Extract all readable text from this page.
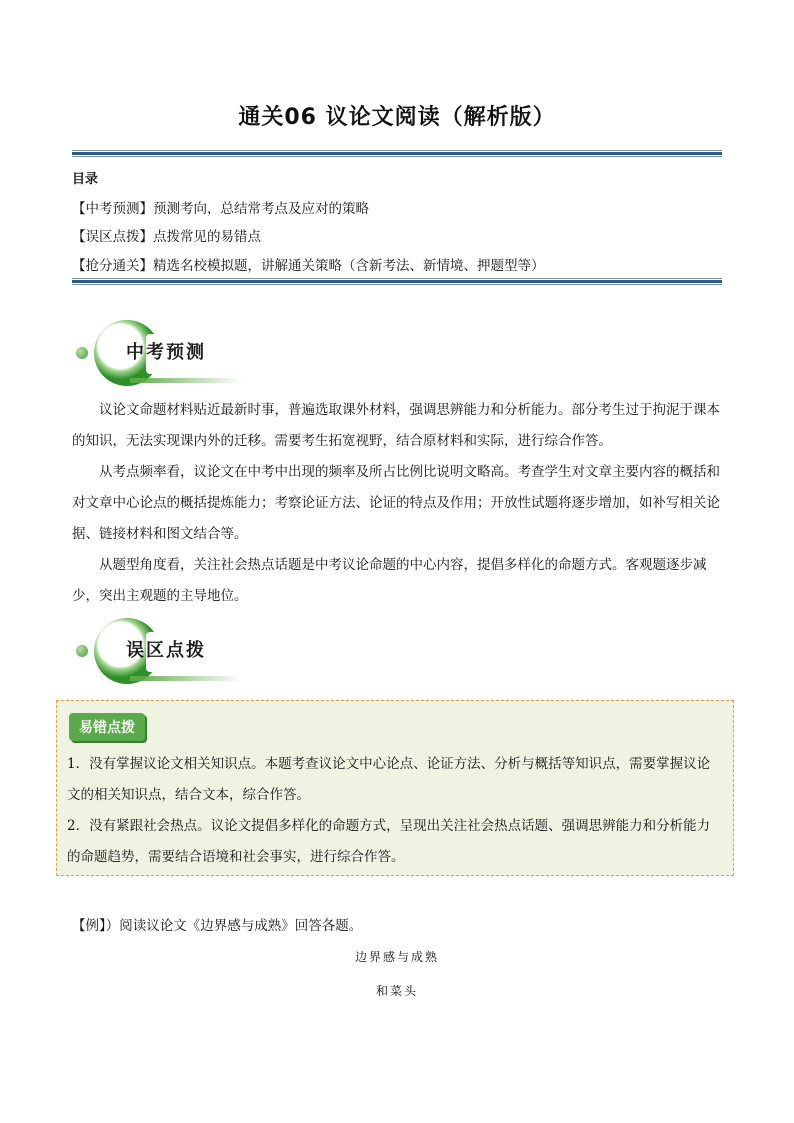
通关06 议论文阅读（解析版）
目录
【中考预测】预测考向，总结常考点及应对的策略
【误区点拨】点拨常见的易错点
【抢分通关】精选名校模拟题，讲解通关策略（含新考法、新情境、押题型等）
中考预测
议论文命题材料贴近最新时事，普遍选取课外材料，强调思辨能力和分析能力。部分考生过于拘泥于课本的知识，无法实现课内外的迁移。需要考生拓宽视野，结合原材料和实际，进行综合作答。
从考点频率看，议论文在中考中出现的频率及所占比例比说明文略高。考查学生对文章主要内容的概括和对文章中心论点的概括提炼能力；考察论证方法、论证的特点及作用；开放性试题将逐步增加，如补写相关论据、链接材料和图文结合等。
从题型角度看，关注社会热点话题是中考议论命题的中心内容，提倡多样化的命题方式。客观题逐步减少，突出主观题的主导地位。
误区点拨
易错点拨
1．没有掌握议论文相关知识点。本题考查议论文中心论点、论证方法、分析与概括等知识点，需要掌握议论文的相关知识点，结合文本，综合作答。
2．没有紧跟社会热点。议论文提倡多样化的命题方式，呈现出关注社会热点话题、强调思辨能力和分析能力的命题趋势，需要结合语境和社会事实，进行综合作答。
【例】）阅读议论文《边界感与成熟》回答各题。
边界感与成熟
和菜头
